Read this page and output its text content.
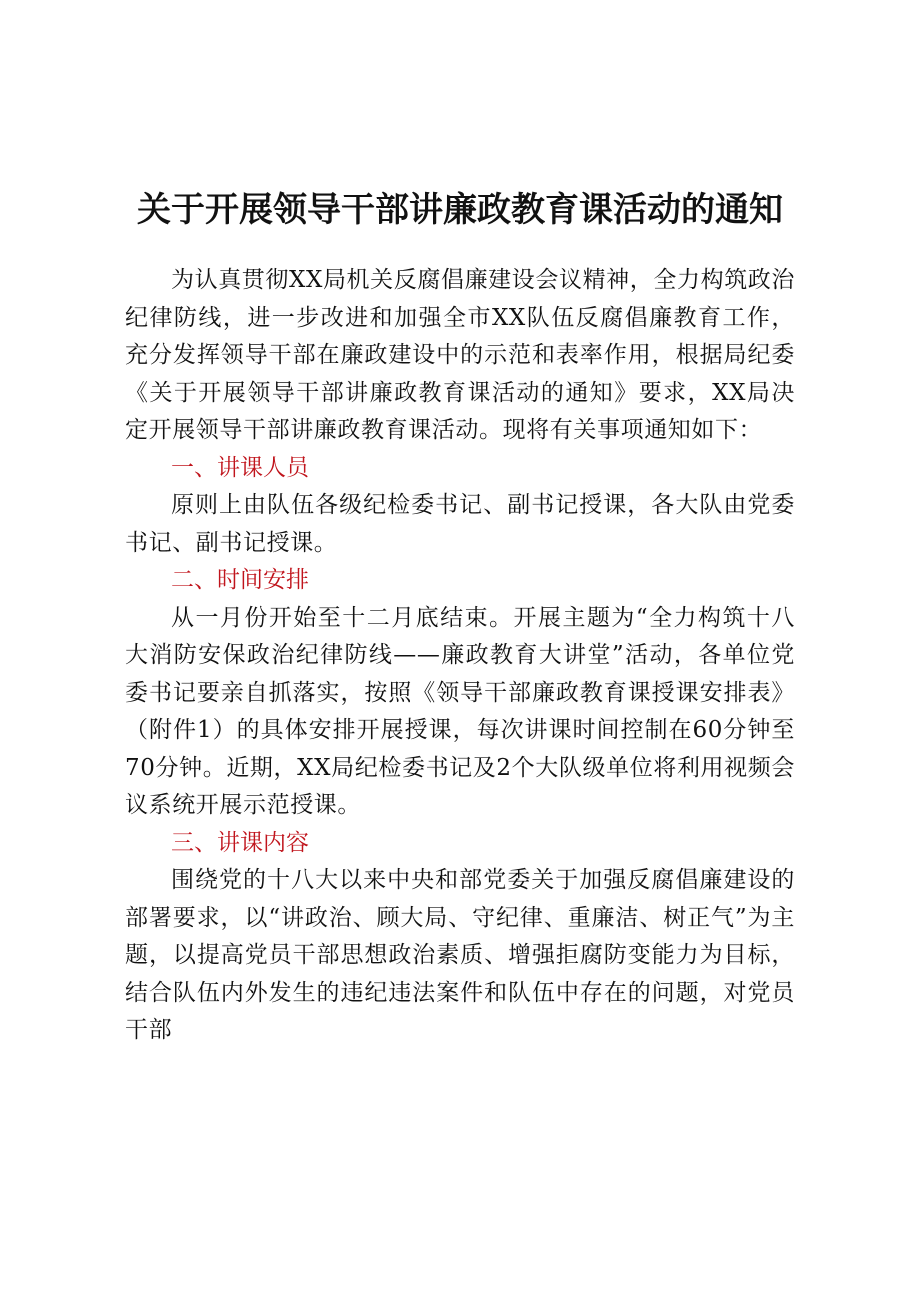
关于开展领导干部讲廉政教育课活动的通知

为认真贯彻XX局机关反腐倡廉建设会议精神，全力构筑政治纪律防线，进一步改进和加强全市XX队伍反腐倡廉教育工作，充分发挥领导干部在廉政建设中的示范和表率作用，根据局纪委《关于开展领导干部讲廉政教育课活动的通知》要求，XX局决定开展领导干部讲廉政教育课活动。现将有关事项通知如下：

一、讲课人员

原则上由队伍各级纪检委书记、副书记授课，各大队由党委书记、副书记授课。

二、时间安排

从一月份开始至十二月底结束。开展主题为“全力构筑十八大消防安保政治纪律防线——廉政教育大讲堂”活动，各单位党委书记要亲自抓落实，按照《领导干部廉政教育课授课安排表》（附件1）的具体安排开展授课，每次讲课时间控制在60分钟至70分钟。近期，XX局纪检委书记及2个大队级单位将利用视频会议系统开展示范授课。

三、讲课内容

围绕党的十八大以来中央和部党委关于加强反腐倡廉建设的部署要求，以“讲政治、顾大局、守纪律、重廉洁、树正气”为主题，以提高党员干部思想政治素质、增强拒腐防变能力为目标，结合队伍内外发生的违纪违法案件和队伍中存在的问题，对党员干部
